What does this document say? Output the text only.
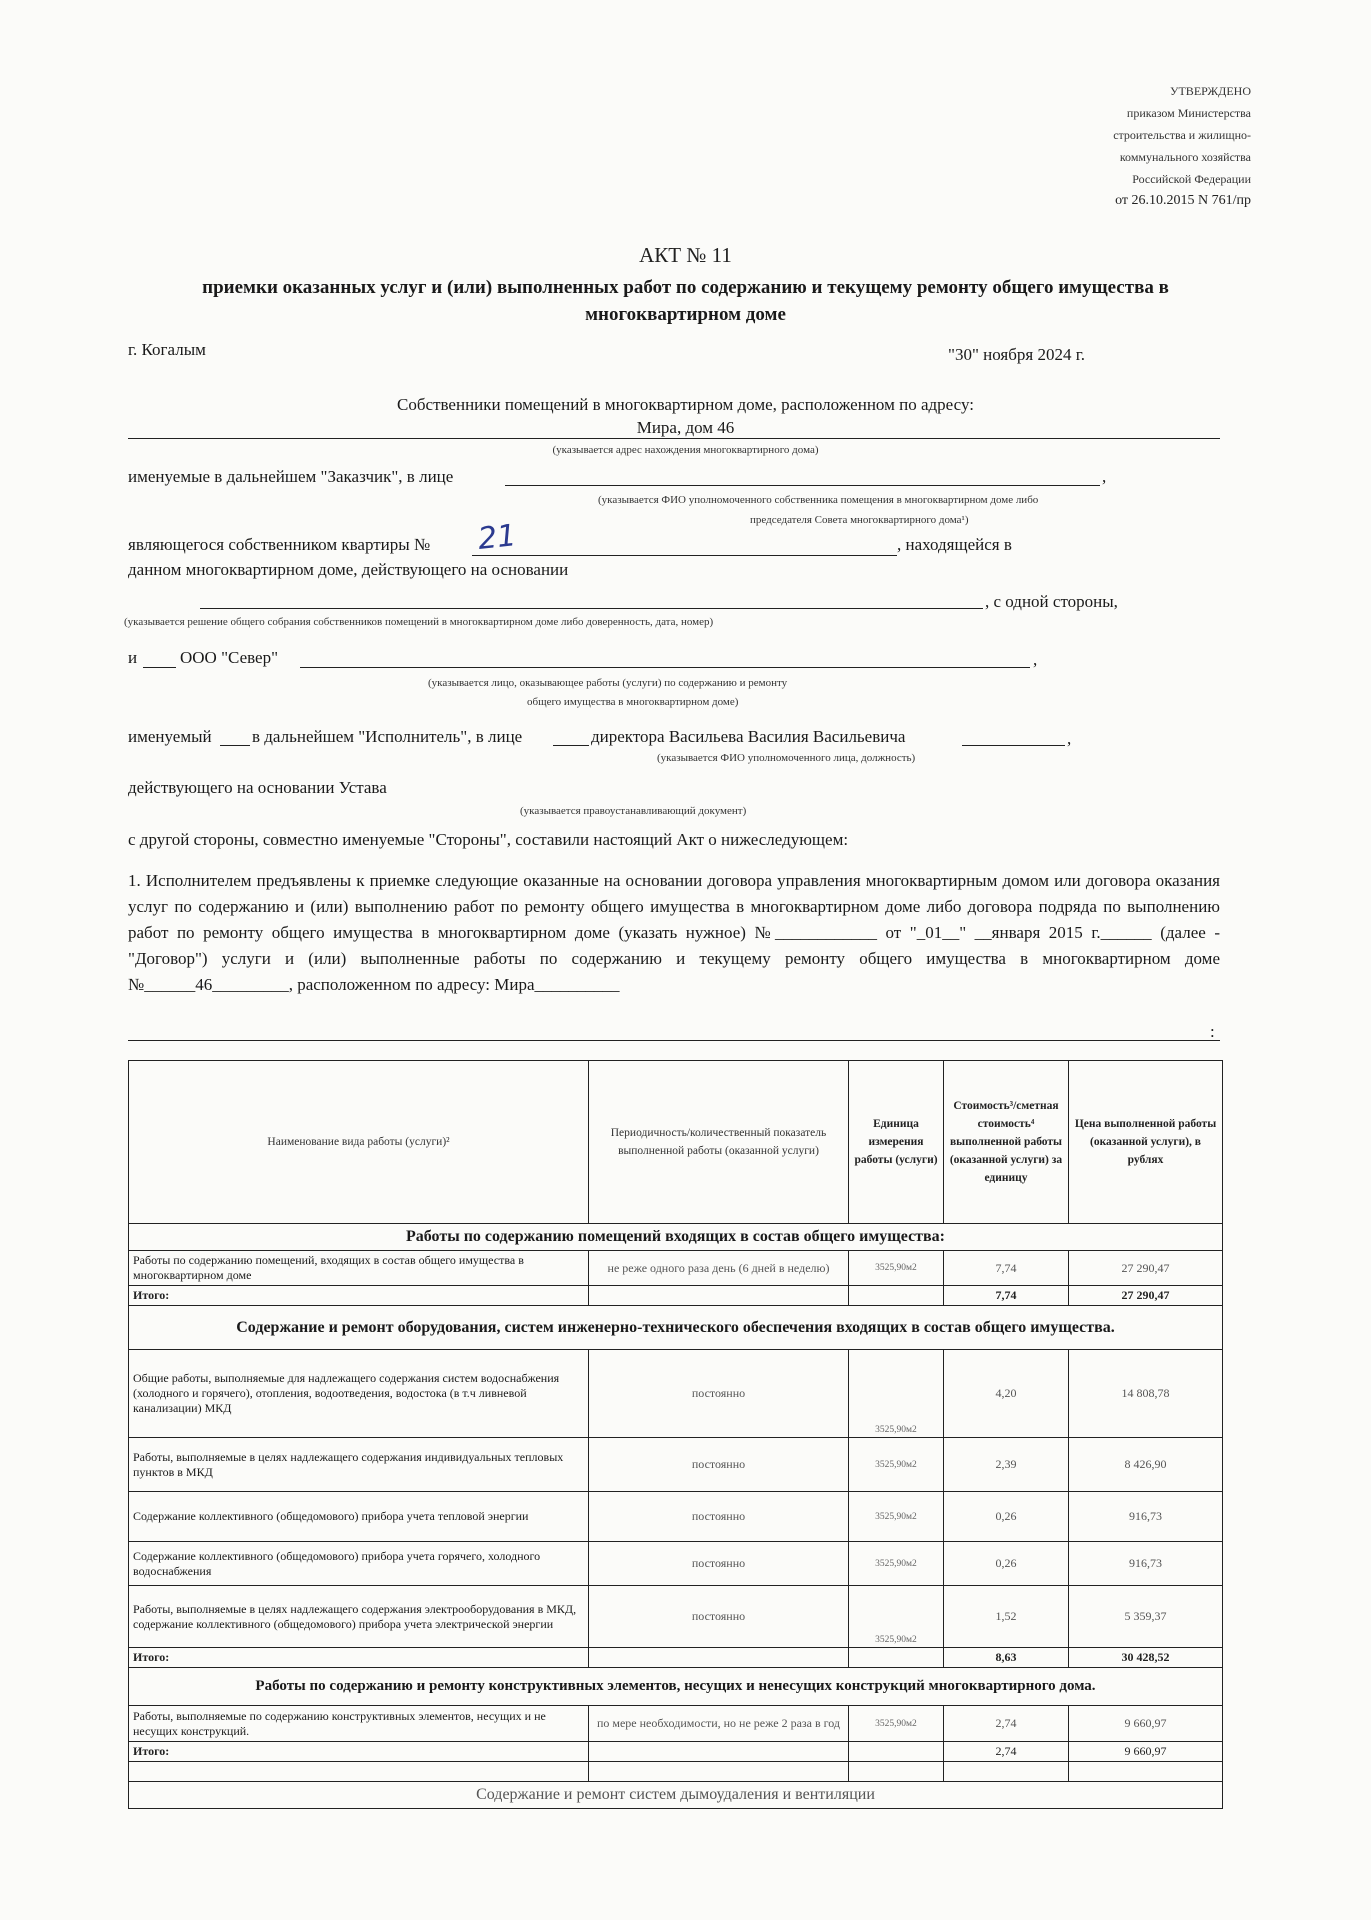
УТВЕРЖДЕНО
приказом Министерства
строительства и жилищно-
коммунального хозяйства
Российской Федерации
от 26.10.2015 N 761/пр
АКТ № 11
приемки оказанных услуг и (или) выполненных работ по содержанию и текущему ремонту общего имущества в многоквартирном доме
г. Когалым	"30" ноября 2024 г.
Собственники помещений в многоквартирном доме, расположенном по адресу:
Мира, дом 46
(указывается адрес нахождения многоквартирного дома)
именуемые в дальнейшем "Заказчик", в лице	,
(указывается ФИО уполномоченного собственника помещения в многоквартирном доме либо
председателя Совета многоквартирного дома¹)
являющегося собственником квартиры № 21	, находящейся в
данном многоквартирном доме, действующего на основании
, с одной стороны,
(указывается решение общего собрания собственников помещений в многоквартирном доме либо доверенность, дата, номер)
и	ООО "Север"	,
(указывается лицо, оказывающее работы (услуги) по содержанию и ремонту
общего имущества в многоквартирном доме)
именуемый в дальнейшем "Исполнитель", в лице	директора Васильева Василия Васильевича	,
(указывается ФИО уполномоченного лица, должность)
действующего на основании Устава
(указывается правоустанавливающий документ)
с другой стороны, совместно именуемые "Стороны", составили настоящий Акт о нижеследующем:
1. Исполнителем предъявлены к приемке следующие оказанные на основании договора управления многоквартирным домом или договора оказания услуг по содержанию и (или) выполнению работ по ремонту общего имущества в многоквартирном доме либо договора подряда по выполнению работ по ремонту общего имущества в многоквартирном доме (указать нужное) №____________ от "_01__" __января 2015 г.______ (далее - "Договор") услуги и (или) выполненные работы по содержанию и текущему ремонту общего имущества в многоквартирном доме №______46_________, расположенном по адресу: Мира__________
:
Наименование вида работы (услуги)²	Периодичность/количественный показатель выполненной работы (оказанной услуги)	Единица измерения работы (услуги)	Стоимость³/сметная стоимость⁴ выполненной работы (оказанной услуги) за единицу	Цена выполненной работы (оказанной услуги), в рублях
Работы по содержанию помещений входящих в состав общего имущества:				
Работы по содержанию помещений, входящих в состав общего имущества в многоквартирном доме	не реже одного раза день (6 дней в неделю)	3525,90м2	7,74	27 290,47
Итого:			7,74	27 290,47
Содержание и ремонт оборудования, систем инженерно-технического обеспечения входящих в состав общего имущества.				
Общие работы, выполняемые для надлежащего содержания систем водоснабжения (холодного и горячего), отопления, водоотведения, водостока (в т.ч ливневой канализации) МКД	постоянно	3525,90м2	4,20	14 808,78
Работы, выполняемые в целях надлежащего содержания индивидуальных тепловых пунктов в МКД	постоянно	3525,90м2	2,39	8 426,90
Содержание коллективного (общедомового) прибора учета тепловой энергии	постоянно	3525,90м2	0,26	916,73
Содержание коллективного (общедомового) прибора учета горячего, холодного водоснабжения	постоянно	3525,90м2	0,26	916,73
Работы, выполняемые в целях надлежащего содержания электрооборудования в МКД, содержание коллективного (общедомового) прибора учета электрической энергии	постоянно	3525,90м2	1,52	5 359,37
Итого:			8,63	30 428,52
Работы по содержанию и ремонту конструктивных элементов, несущих и ненесущих конструкций многоквартирного дома.				
Работы, выполняемые по содержанию конструктивных элементов, несущих и не несущих конструкций.	по мере необходимости, но не реже 2 раза в год	3525,90м2	2,74	9 660,97
Итого:			2,74	9 660,97

Содержание и ремонт систем дымоудаления и вентиляции				
